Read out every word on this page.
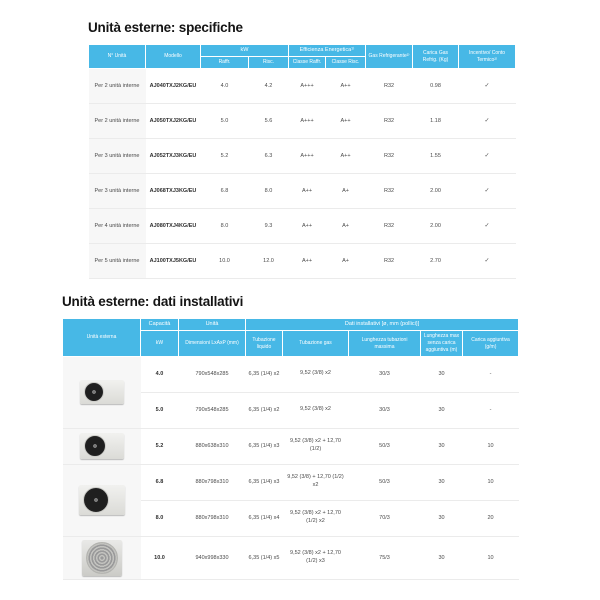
Unità esterne: specifiche
N° Unità	Modello	kW		Efficienza Energetica¹⁾		Gas Refrigerante²⁾	Carica Gas Refrig. (Kg)	Incentivo/ Conto Termico²⁾
		Raffr.	Risc.	Classe Raffr.	Classe Risc.			
Per 2 unità interne	AJ040TXJ2KG/EU	4.0	4.2	A+++	A++	R32	0.98	✓
Per 2 unità interne	AJ050TXJ2KG/EU	5.0	5.6	A+++	A++	R32	1.18	✓
Per 3 unità interne	AJ052TXJ3KG/EU	5.2	6.3	A+++	A++	R32	1.55	✓
Per 3 unità interne	AJ068TXJ3KG/EU	6.8	8.0	A++	A+	R32	2.00	✓
Per 4 unità interne	AJ080TXJ4KG/EU	8.0	9.3	A++	A+	R32	2.00	✓
Per 5 unità interne	AJ100TXJ5KG/EU	10.0	12.0	A++	A+	R32	2.70	✓
Unità esterne: dati installativi
Unità esterna	Capacità	Unità	Dati installativi [ø, mm (pollici)]				
	kW	Dimensioni LxAxP (mm)	Tubazione liquido	Tubazione gas	Lunghezza tubazioni massima	Lunghezza max senza carica aggiuntiva (m)	Carica aggiuntiva (g/m)

	4.0	790x548x285	6,35 (1/4) x2	9,52 (3/8) x2	30/3	30	-
	5.0	790x548x285	6,35 (1/4) x2	9,52 (3/8) x2	30/3	30	-

	5.2	880x638x310	6,35 (1/4) x3	9,52 (3/8) x2 + 12,70 (1/2)	50/3	30	10

	6.8	880x798x310	6,35 (1/4) x3	9,52 (3/8) + 12,70 (1/2) x2	50/3	30	10
	8.0	880x798x310	6,35 (1/4) x4	9,52 (3/8) x2 + 12,70 (1/2) x2	70/3	30	20

	10.0	940x998x330	6,35 (1/4) x5	9,52 (3/8) x2 + 12,70 (1/2) x3	75/3	30	10
